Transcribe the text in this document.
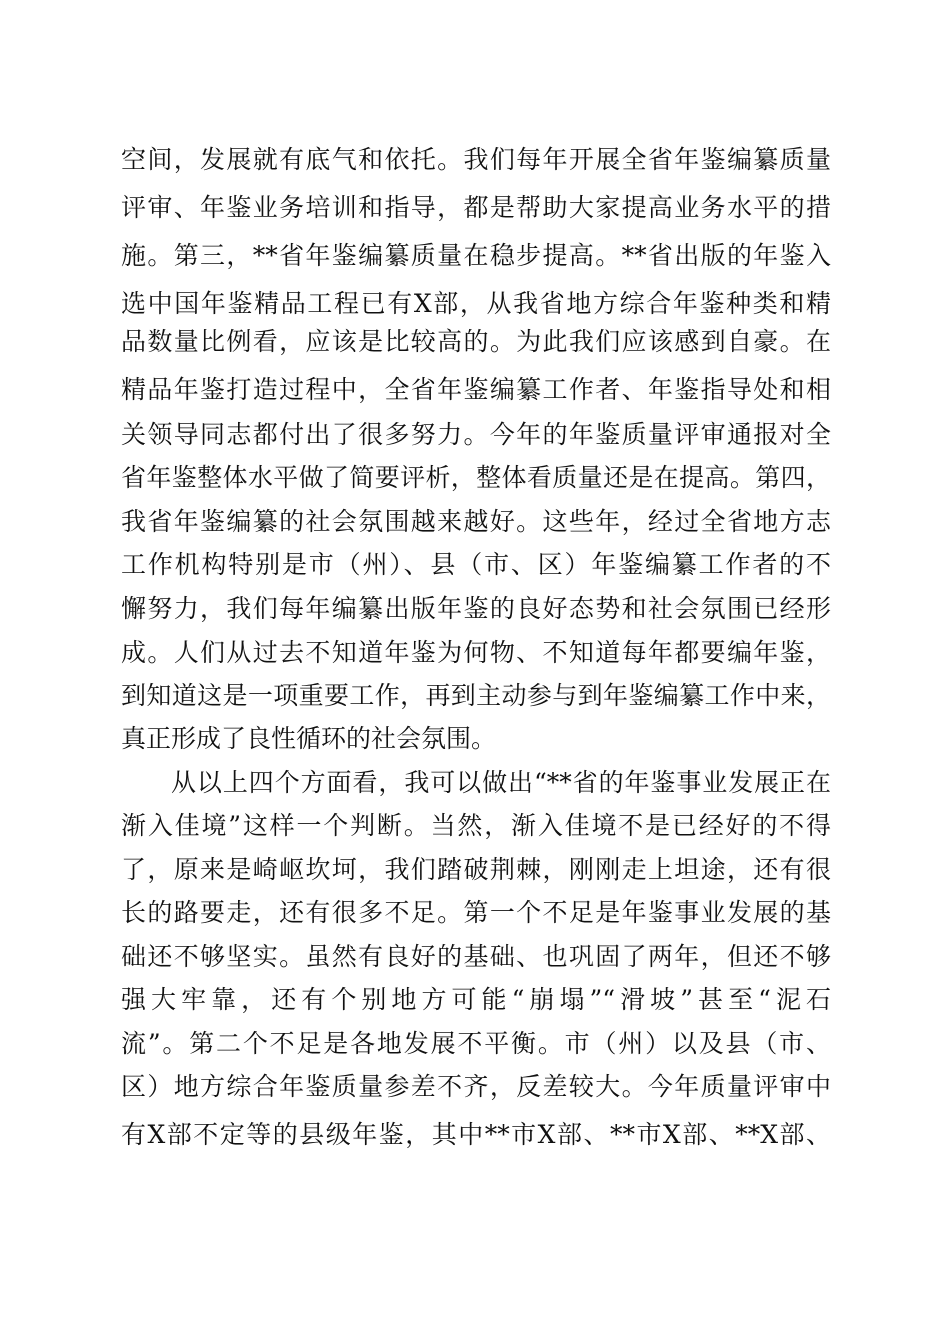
空间，发展就有底气和依托。我们每年开展全省年鉴编纂质量
评审、年鉴业务培训和指导，都是帮助大家提高业务水平的措
施。第三，**省年鉴编纂质量在稳步提高。**省出版的年鉴入
选中国年鉴精品工程已有X部，从我省地方综合年鉴种类和精
品数量比例看，应该是比较高的。为此我们应该感到自豪。在
精品年鉴打造过程中，全省年鉴编纂工作者、年鉴指导处和相
关领导同志都付出了很多努力。今年的年鉴质量评审通报对全
省年鉴整体水平做了简要评析，整体看质量还是在提高。第四，
我省年鉴编纂的社会氛围越来越好。这些年，经过全省地方志
工作机构特别是市（州）、县（市、区）年鉴编纂工作者的不
懈努力，我们每年编纂出版年鉴的良好态势和社会氛围已经形
成。人们从过去不知道年鉴为何物、不知道每年都要编年鉴，
到知道这是一项重要工作，再到主动参与到年鉴编纂工作中来，
真正形成了良性循环的社会氛围。
从以上四个方面看，我可以做出“**省的年鉴事业发展正在
渐入佳境”这样一个判断。当然，渐入佳境不是已经好的不得
了，原来是崎岖坎坷，我们踏破荆棘，刚刚走上坦途，还有很
长的路要走，还有很多不足。第一个不足是年鉴事业发展的基
础还不够坚实。虽然有良好的基础、也巩固了两年，但还不够
强大牢靠，还有个别地方可能“崩塌”“滑坡”甚至“泥石
流”。第二个不足是各地发展不平衡。市（州）以及县（市、
区）地方综合年鉴质量参差不齐，反差较大。今年质量评审中
有X部不定等的县级年鉴，其中**市X部、**市X部、**X部、
